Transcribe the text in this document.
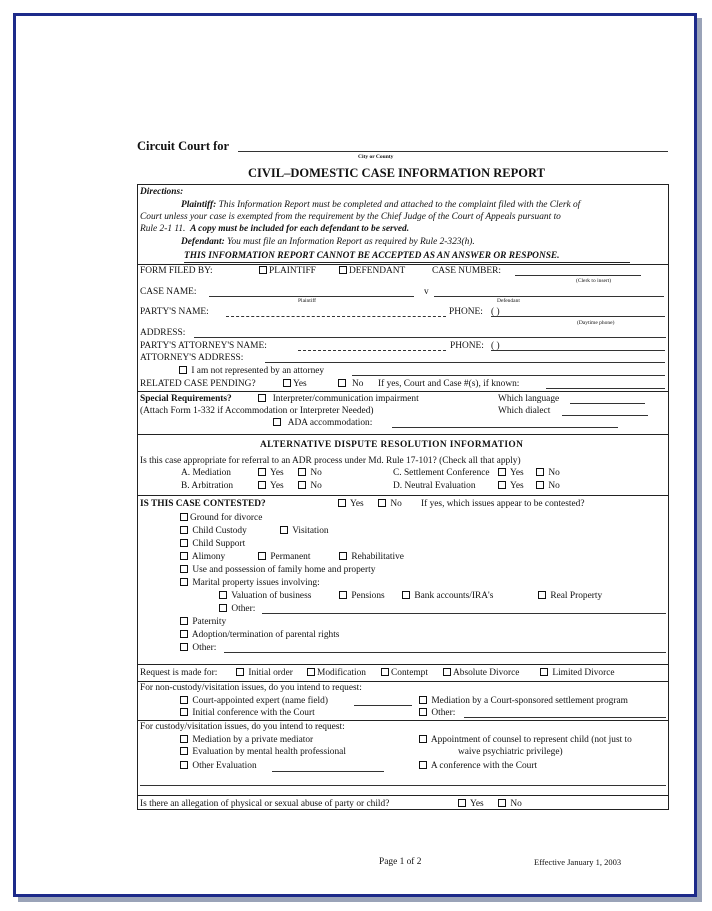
Circuit Court for
City or County
CIVIL–DOMESTIC CASE INFORMATION REPORT
Directions:
Plaintiff: This Information Report must be completed and attached to the complaint filed with the Clerk of
Court unless your case is exempted from the requirement by the Chief Judge of the Court of Appeals pursuant to
Rule 2-1 11. A copy must be included for each defendant to be served.
Defendant: You must file an Information Report as required by Rule 2-323(h).
THIS INFORMATION REPORT CANNOT BE ACCEPTED AS AN ANSWER OR RESPONSE.
FORM FILED BY:	PLAINTIFF	DEFENDANT	CASE NUMBER:
(Clerk to insert)
CASE NAME:	v
Plaintiff	Defendant
PARTY'S NAME:	PHONE: ( )
(Daytime phone)
ADDRESS:
PARTY'S ATTORNEY'S NAME:	PHONE: ( )
ATTORNEY'S ADDRESS:
I am not represented by an attorney
RELATED CASE PENDING?	Yes	No If yes, Court and Case #(s), if known:
Special Requirements?	Interpreter/communication impairment	Which language
(Attach Form 1-332 if Accommodation or Interpreter Needed)	Which dialect
ADA accommodation:
ALTERNATIVE DISPUTE RESOLUTION INFORMATION
Is this case appropriate for referral to an ADR process under Md. Rule 17-101? (Check all that apply)
A. Mediation	Yes	No	C. Settlement Conference	Yes	No
B. Arbitration	Yes	No	D. Neutral Evaluation	Yes	No
IS THIS CASE CONTESTED?	Yes	No If yes, which issues appear to be contested?
Ground for divorce
Child Custody	Visitation
Child Support
Alimony	Permanent	Rehabilitative
Use and possession of family home and property
Marital property issues involving:
Valuation of business	Pensions	Bank accounts/IRA's	Real Property
Other:
Paternity
Adoption/termination of parental rights
Other:
Request is made for:	Initial order	Modification	Contempt	Absolute Divorce	Limited Divorce
For non-custody/visitation issues, do you intend to request:
Court-appointed expert (name field)	Mediation by a Court-sponsored settlement program
Initial conference with the Court	Other:
For custody/visitation issues, do you intend to request:
Mediation by a private mediator	Appointment of counsel to represent child (not just to
waive psychiatric privilege)
Evaluation by mental health professional
Other Evaluation	A conference with the Court
Is there an allegation of physical or sexual abuse of party or child?	Yes	No
Page 1 of 2	Effective January 1, 2003
